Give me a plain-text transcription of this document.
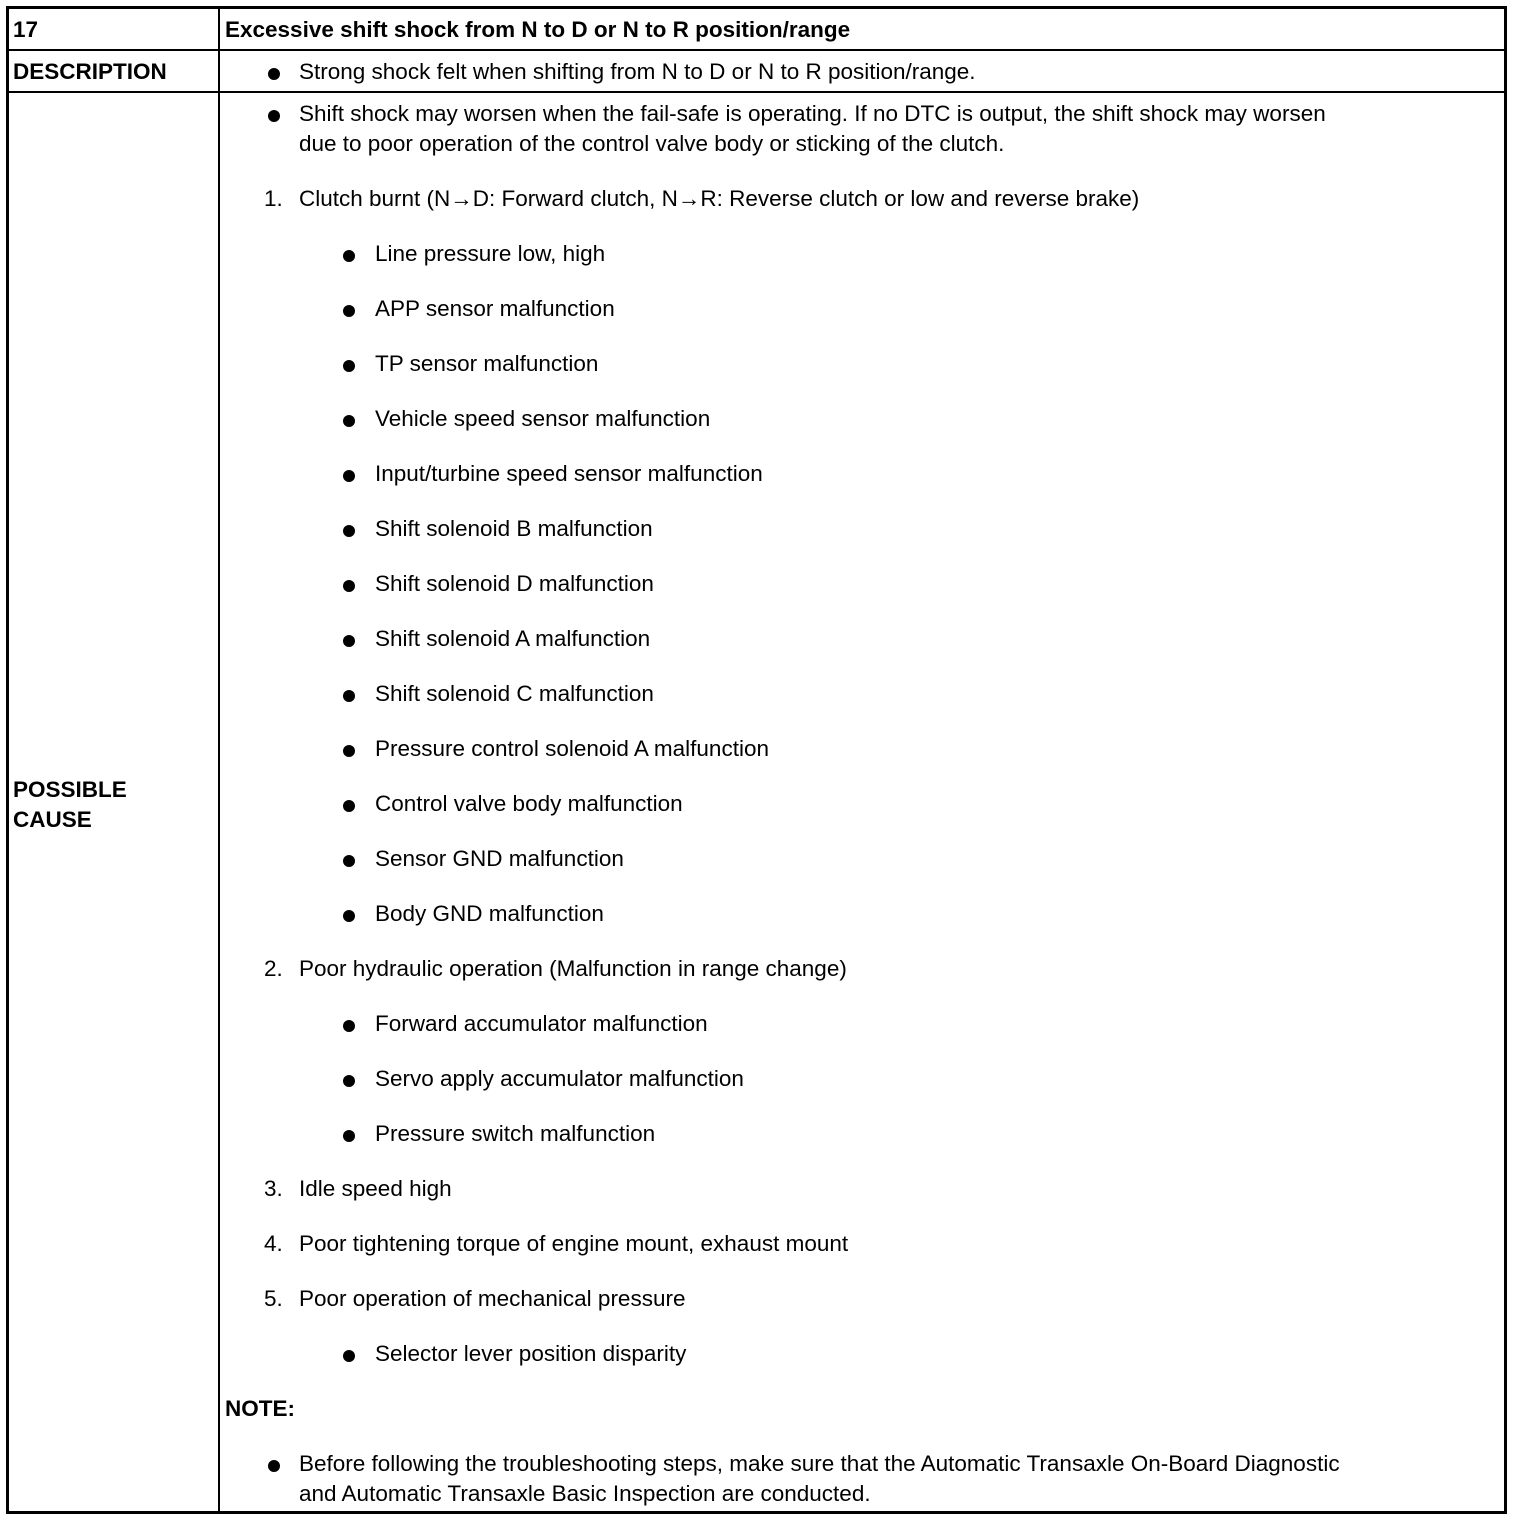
17	Excessive shift shock from N to D or N to R position/range
DESCRIPTION	Strong shock felt when shifting from N to D or N to R position/range.
POSSIBLE
CAUSE
Shift shock may worsen when the fail-safe is operating. If no DTC is output, the shift shock may worsen
due to poor operation of the control valve body or sticking of the clutch.
1. Clutch burnt (N→D: Forward clutch, N→R: Reverse clutch or low and reverse brake)
Line pressure low, high
APP sensor malfunction
TP sensor malfunction
Vehicle speed sensor malfunction
Input/turbine speed sensor malfunction
Shift solenoid B malfunction
Shift solenoid D malfunction
Shift solenoid A malfunction
Shift solenoid C malfunction
Pressure control solenoid A malfunction
Control valve body malfunction
Sensor GND malfunction
Body GND malfunction
2. Poor hydraulic operation (Malfunction in range change)
Forward accumulator malfunction
Servo apply accumulator malfunction
Pressure switch malfunction
3. Idle speed high
4. Poor tightening torque of engine mount, exhaust mount
5. Poor operation of mechanical pressure
Selector lever position disparity
NOTE:
Before following the troubleshooting steps, make sure that the Automatic Transaxle On-Board Diagnostic
and Automatic Transaxle Basic Inspection are conducted.
